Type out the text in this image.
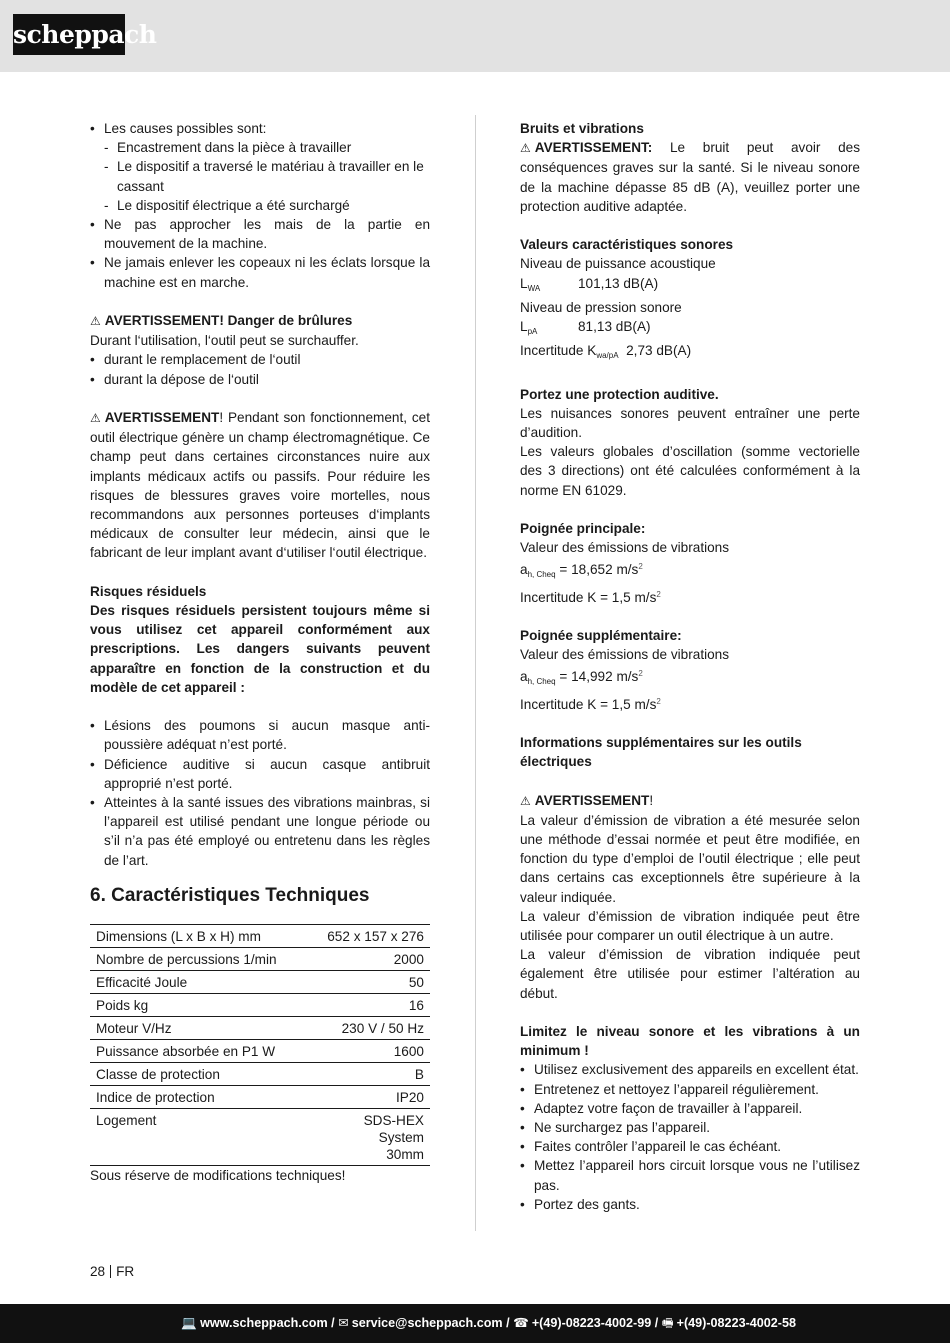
scheppach
• Les causes possibles sont:
- Encastrement dans la pièce à travailler
- Le dispositif a traversé le matériau à travailler en le cassant
- Le dispositif électrique a été surchargé
• Ne pas approcher les mais de la partie en mouvement de la machine.
• Ne jamais enlever les copeaux ni les éclats lorsque la machine est en marche.

⚠ AVERTISSEMENT! Danger de brûlures

Durant l‘utilisation, l‘outil peut se surchauffer.

• durant le remplacement de l‘outil
• durant la dépose de l‘outil

⚠ AVERTISSEMENT! Pendant son fonctionnement, cet outil électrique génère un champ électromagnétique. Ce champ peut dans certaines circonstances nuire aux implants médicaux actifs ou passifs. Pour réduire les risques de blessures graves voire mortelles, nous recommandons aux personnes porteuses d‘implants médicaux de consulter leur médecin, ainsi que le fabricant de leur implant avant d‘utiliser l‘outil électrique.

Risques résiduels

Des risques résiduels persistent toujours même si vous utilisez cet appareil conformément aux prescriptions. Les dangers suivants peuvent apparaître en fonction de la construction et du modèle de cet appareil :

• Lésions des poumons si aucun masque anti-poussière adéquat n’est porté.
• Déficience auditive si aucun casque antibruit approprié n’est porté.
• Atteintes à la santé issues des vibrations mainbras, si l’appareil est utilisé pendant une longue période ou s’il n’a pas été employé ou entretenu dans les règles de l’art.
6. Caractéristiques Techniques
Dimensions (L x B x H) mm	652 x 157 x 276
Nombre de percussions 1/min	2000
Efficacité Joule	50
Poids kg	16
Moteur V/Hz	230 V / 50 Hz
Puissance absorbée en P1 W	1600
Classe de protection	B
Indice de protection	IP20
Logement	SDS-HEX System 30mm

Sous réserve de modifications techniques!

Bruits et vibrations

⚠ AVERTISSEMENT: Le bruit peut avoir des conséquences graves sur la santé. Si le niveau sonore de la machine dépasse 85 dB (A), veuillez porter une protection auditive adaptée.

Valeurs caractéristiques sonores

Niveau de puissance acoustique

$L_{WA}$	101,13 dB(A)

Niveau de pression sonore

$L_{pA}$	81,13 dB(A)

Incertitude $K_{wa/pA}$ 2,73 dB(A)

Portez une protection auditive.

Les nuisances sonores peuvent entraîner une perte d’audition.

Les valeurs globales d’oscillation (somme vectorielle des 3 directions) ont été calculées conformément à la norme EN 61029.

Poignée principale:

Valeur des émissions de vibrations

$a_{h, Cheq} = 18,652$ $m/s^2$

Incertitude K = 1,5 $m/s^2$

Poignée supplémentaire:

Valeur des émissions de vibrations

$a_{h, Cheq} = 14,992$ $m/s^2$

Incertitude K = 1,5 $m/s^2$

Informations supplémentaires sur les outils électriques

⚠ AVERTISSEMENT!

La valeur d’émission de vibration a été mesurée selon une méthode d’essai normée et peut être modifiée, en fonction du type d’emploi de l’outil électrique ; elle peut dans certains cas exceptionnels être supérieure à la valeur indiquée.

La valeur d’émission de vibration indiquée peut être utilisée pour comparer un outil électrique à un autre.

La valeur d’émission de vibration indiquée peut également être utilisée pour estimer l’altération au début.

Limitez le niveau sonore et les vibrations à un minimum !

• Utilisez exclusivement des appareils en excellent état.
• Entretenez et nettoyez l’appareil régulièrement.
• Adaptez votre façon de travailler à l’appareil.
• Ne surchargez pas l’appareil.
• Faites contrôler l’appareil le cas échéant.
• Mettez l’appareil hors circuit lorsque vous ne l’utilisez pas.
• Portez des gants.
28 FR
💻 www.scheppach.com / ✉ service@scheppach.com / ☎ +(49)-08223-4002-99 / 🖷 +(49)-08223-4002-58
